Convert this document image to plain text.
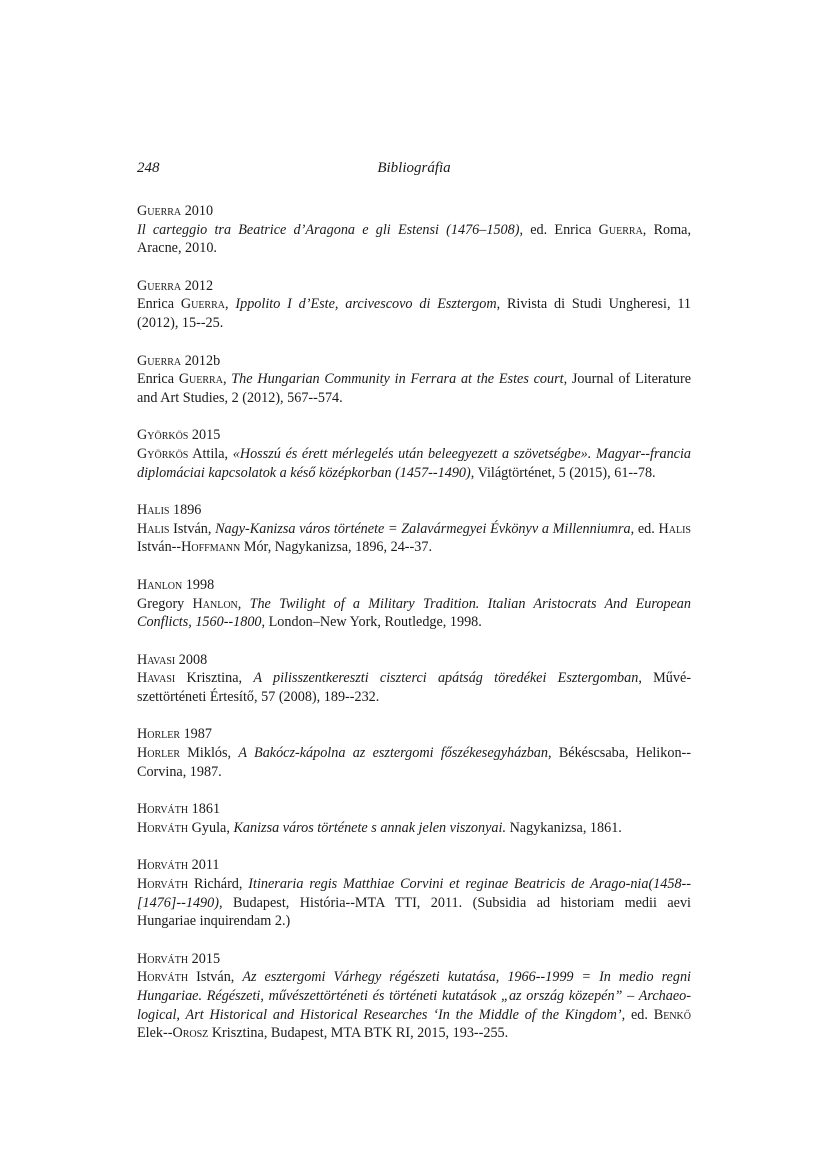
248	Bibliográfia
Guerra 2010
Il carteggio tra Beatrice d’Aragona e gli Estensi (1476–1508), ed. Enrica Guerra, Roma, Aracne, 2010.
Guerra 2012
Enrica Guerra, Ippolito I d’Este, arcivescovo di Esztergom, Rivista di Studi Ungheresi, 11 (2012), 15--25.
Guerra 2012b
Enrica Guerra, The Hungarian Community in Ferrara at the Estes court, Journal of Literature and Art Studies, 2 (2012), 567--574.
Györkös 2015
Györkös Attila, «Hosszú és érett mérlegelés után beleegyezett a szövetségbe». Magyar--francia diplomáciai kapcsolatok a késő középkorban (1457--1490), Világtörténet, 5 (2015), 61--78.
Halis 1896
Halis István, Nagy-Kanizsa város története = Zalavármegyei Évkönyv a Millenniumra, ed. Halis István--Hoffmann Mór, Nagykanizsa, 1896, 24--37.
Hanlon 1998
Gregory Hanlon, The Twilight of a Military Tradition. Italian Aristocrats And European Conflicts, 1560--1800, London–New York, Routledge, 1998.
Havasi 2008
Havasi Krisztina, A pilisszentkereszti ciszterci apátság töredékei Esztergomban, Művé-szettörténeti Értesítő, 57 (2008), 189--232.
Horler 1987
Horler Miklós, A Bakócz-kápolna az esztergomi főszékesegyházban, Békéscsaba, Helikon--Corvina, 1987.
Horváth 1861
Horváth Gyula, Kanizsa város története s annak jelen viszonyai. Nagykanizsa, 1861.
Horváth 2011
Horváth Richárd, Itineraria regis Matthiae Corvini et reginae Beatricis de Arago-nia(1458--[1476]--1490), Budapest, História--MTA TTI, 2011. (Subsidia ad historiam medii aevi Hungariae inquirendam 2.)
Horváth 2015
Horváth István, Az esztergomi Várhegy régészeti kutatása, 1966--1999 = In medio regni Hungariae. Régészeti, művészettörténeti és történeti kutatások „az ország közepén” – Archaeo-logical, Art Historical and Historical Researches ‘In the Middle of the Kingdom’, ed. Benkő Elek--Orosz Krisztina, Budapest, MTA BTK RI, 2015, 193--255.
